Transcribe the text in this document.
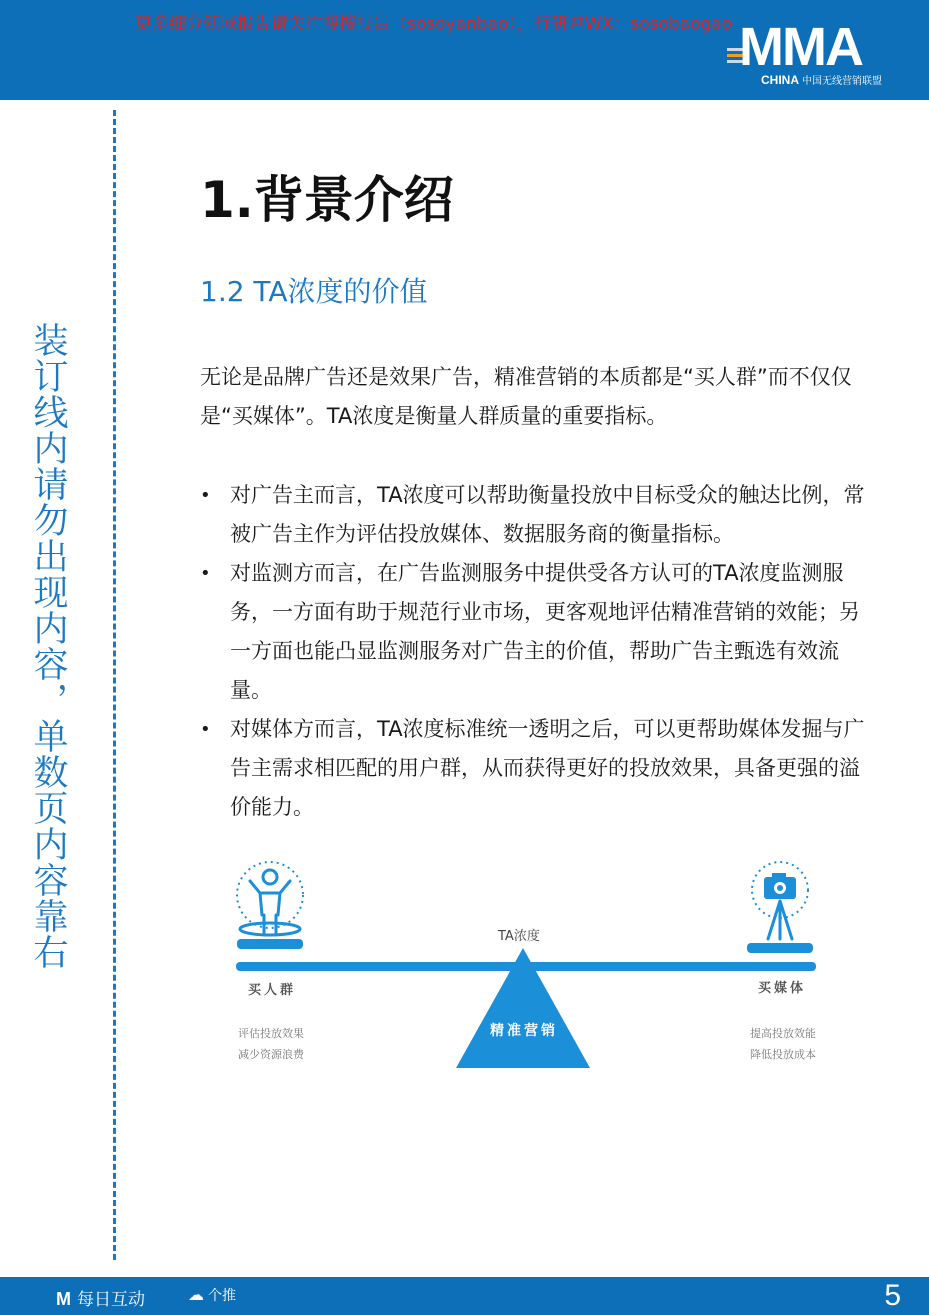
更多细分领域报告请关注搜搜报告（sosoyanbao），行研君WX：sosobaogao MMA
CHINA 中国无线营销联盟
装订线内请勿出现内容，单数页内容靠右
1.背景介绍
1.2 TA浓度的价值
无论是品牌广告还是效果广告，精准营销的本质都是“买人群”而不仅仅是“买媒体”。TA浓度是衡量人群质量的重要指标。
• 对广告主而言，TA浓度可以帮助衡量投放中目标受众的触达比例，常被广告主作为评估投放媒体、数据服务商的衡量指标。
• 对监测方而言，在广告监测服务中提供受各方认可的TA浓度监测服务，一方面有助于规范行业市场，更客观地评估精准营销的效能；另一方面也能凸显监测服务对广告主的价值，帮助广告主甄选有效流量。
• 对媒体方而言，TA浓度标准统一透明之后，可以更帮助媒体发掘与广告主需求相匹配的用户群，从而获得更好的投放效果，具备更强的溢价能力。
TA浓度
精准营销
买人群
评估投放效果
减少资源浪费
买媒体
提高投放效能
降低投放成本
M 每日互动	☁ 个推	5
